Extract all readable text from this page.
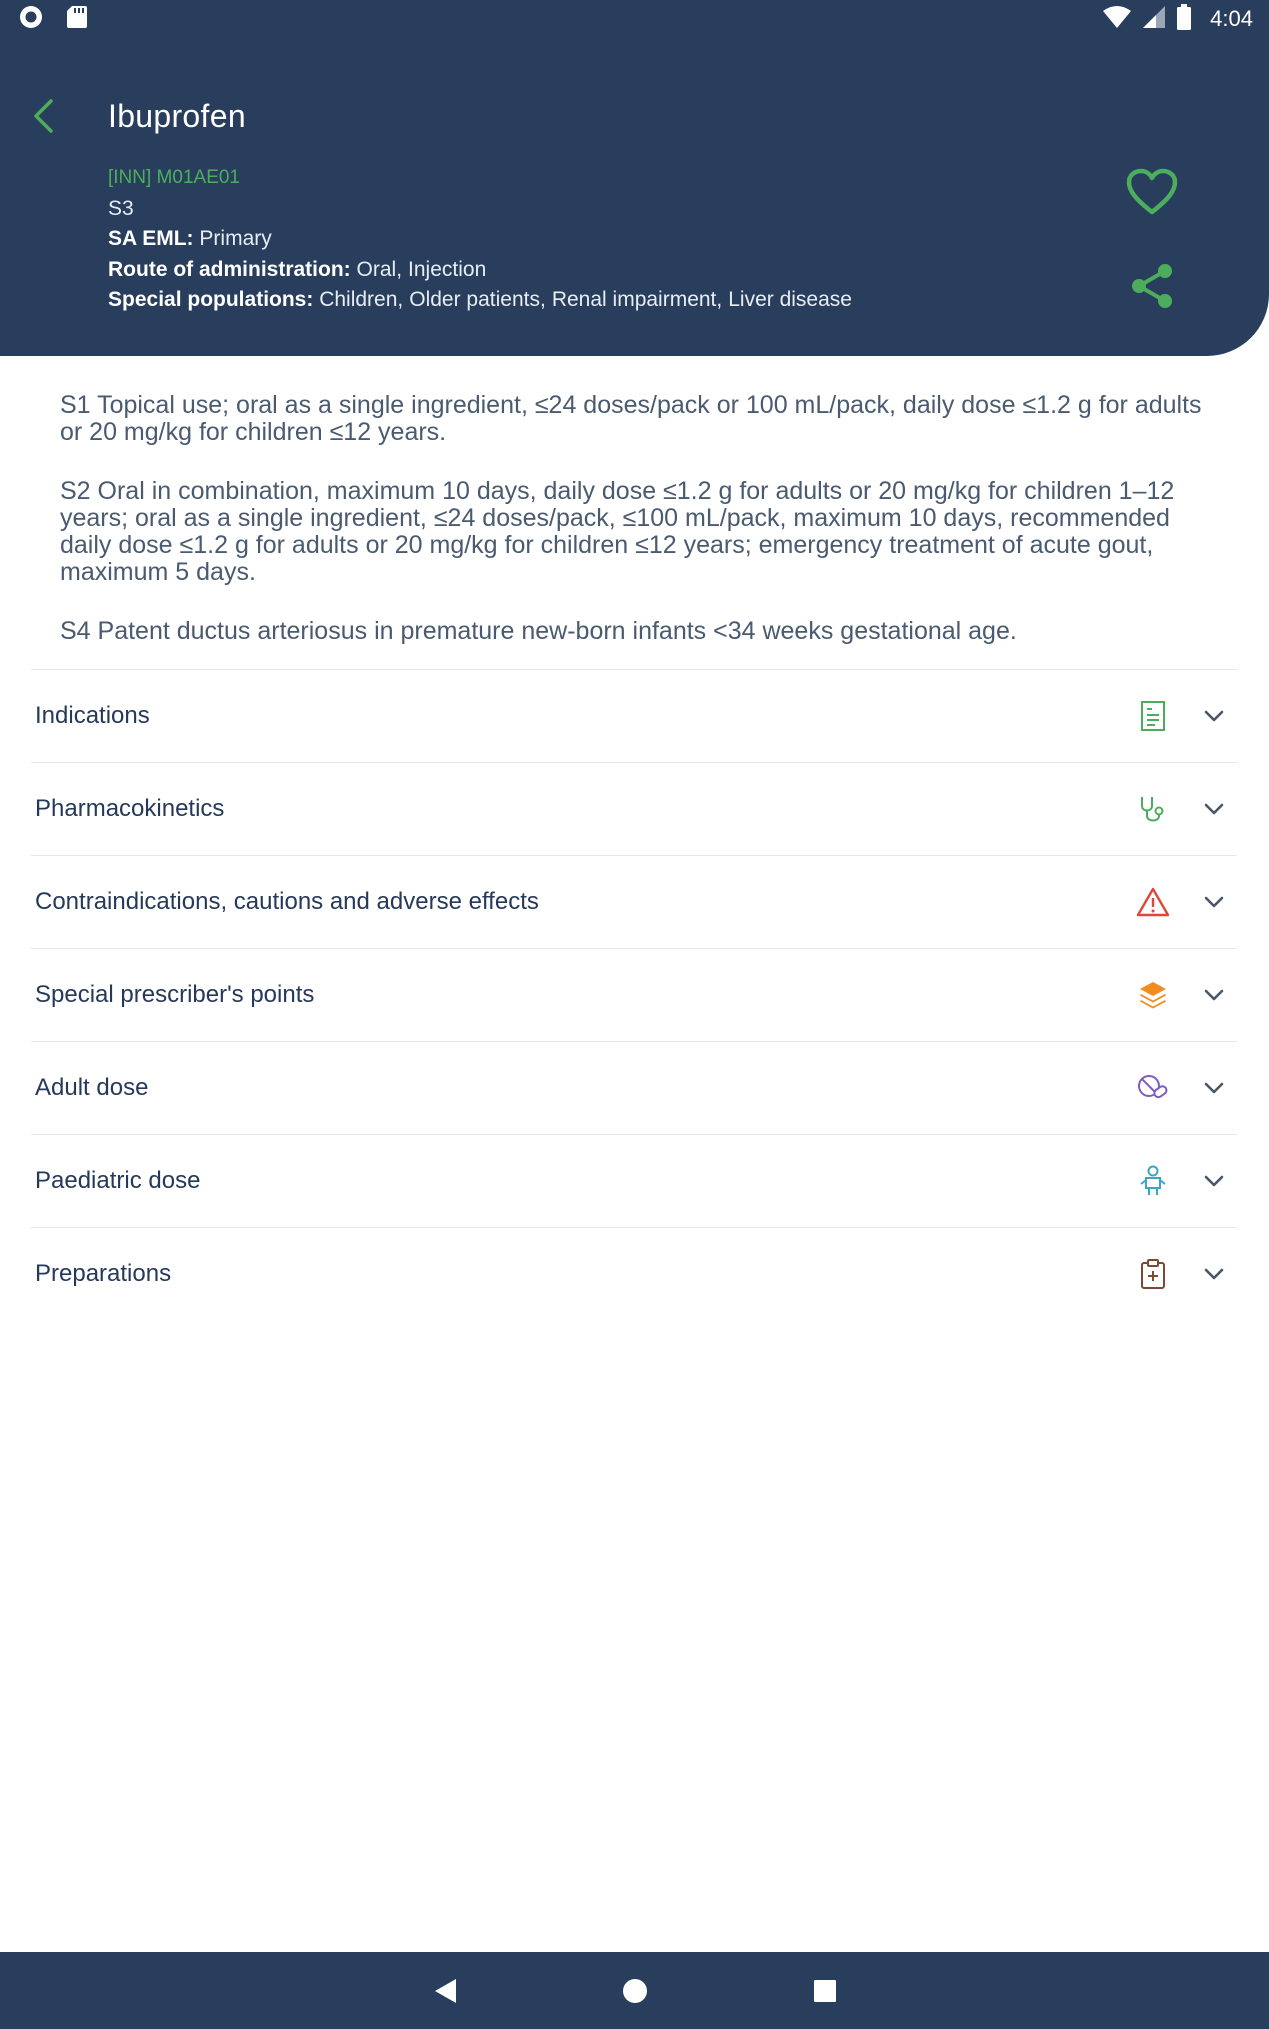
4:04
Ibuprofen
[INN] M01AE01
S3
SA EML: Primary
Route of administration: Oral, Injection
Special populations: Children, Older patients, Renal impairment, Liver disease

S1 Topical use; oral as a single ingredient, ≤24 doses/pack or 100 mL/pack, daily dose ≤1.2 g for adults or 20 mg/kg for children ≤12 years.

S2 Oral in combination, maximum 10 days, daily dose ≤1.2 g for adults or 20 mg/kg for children 1–12 years; oral as a single ingredient, ≤24 doses/pack, ≤100 mL/pack, maximum 10 days, recommended daily dose ≤1.2 g for adults or 20 mg/kg for children ≤12 years; emergency treatment of acute gout, maximum 5 days.

S4 Patent ductus arteriosus in premature new-born infants <34 weeks gestational age.

Indications
Pharmacokinetics
Contraindications, cautions and adverse effects
Special prescriber's points
Adult dose
Paediatric dose
Preparations
